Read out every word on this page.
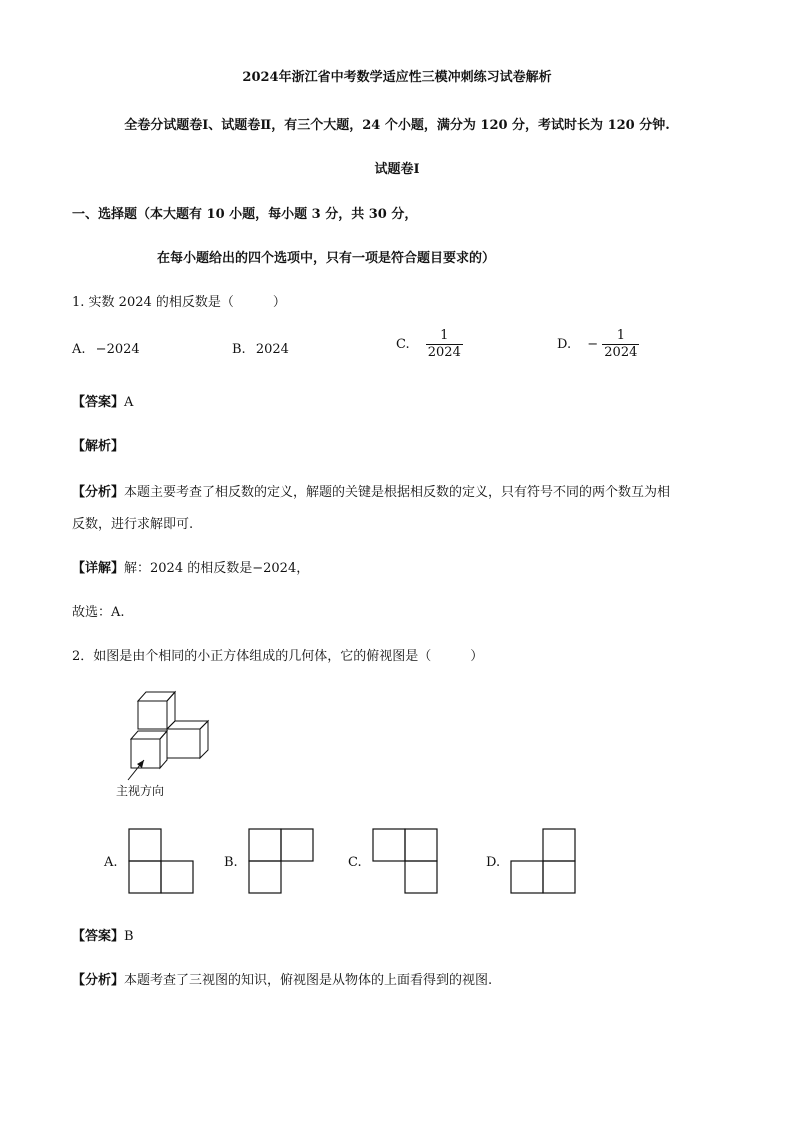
2024年浙江省中考数学适应性三模冲刺练习试卷解析
全卷分试题卷Ⅰ、试题卷Ⅱ，有三个大题，24 个小题，满分为 120 分，考试时长为 120 分钟.
试题卷Ⅰ
一、选择题（本大题有 10 小题，每小题 3 分，共 30 分，
在每小题给出的四个选项中，只有一项是符合题目要求的）
1. 实数 2024 的相反数是（　　　）
A. −2024	B. 2024	C. $\frac{1}{2024}$	D. − $\frac{1}{2024}$
【答案】A
【解析】
【分析】本题主要考查了相反数的定义，解题的关键是根据相反数的定义，只有符号不同的两个数互为相
反数，进行求解即可.
【详解】解：2024 的相反数是−2024，
故选：A.
2．如图是由个相同的小正方体组成的几何体，它的俯视图是（　　　）
主视方向
A.	B.	C.	D.
【答案】B
【分析】本题考查了三视图的知识，俯视图是从物体的上面看得到的视图.
